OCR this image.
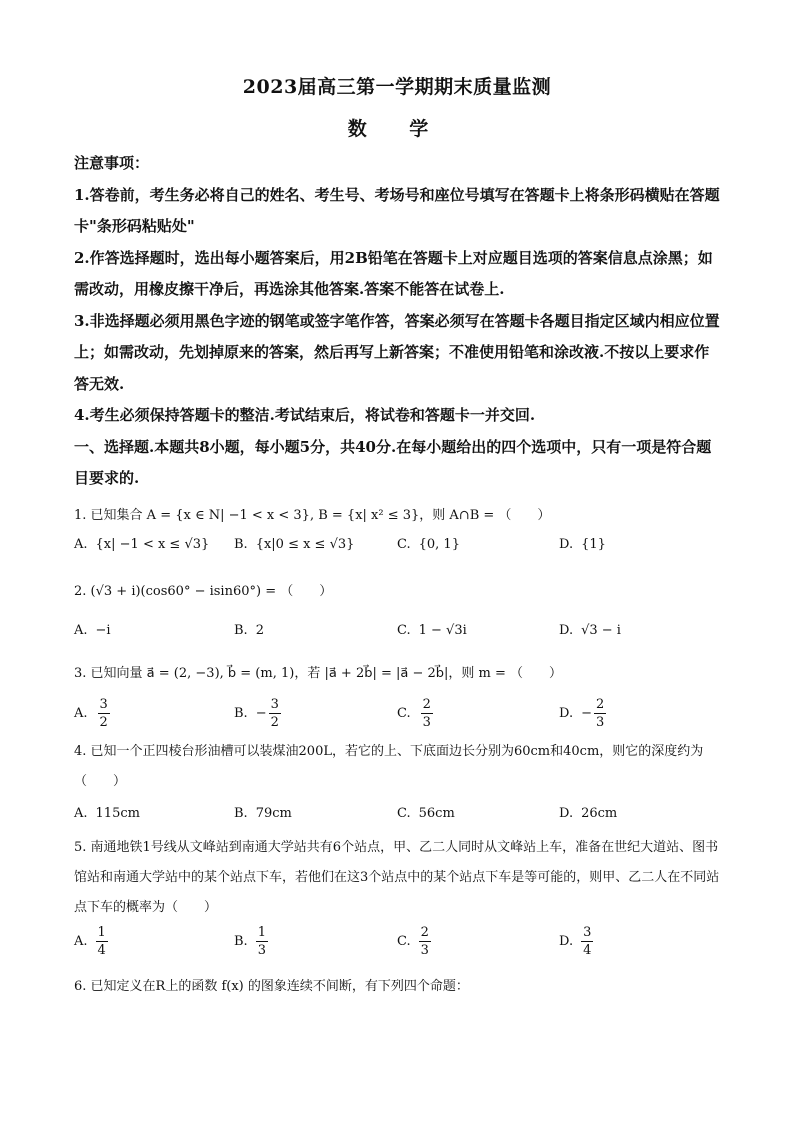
2023届高三第一学期期末质量监测
数 学

注意事项：

1.答卷前，考生务必将自己的姓名、考生号、考场号和座位号填写在答题卡上将条形码横贴在答题卡"条形码粘贴处"

2.作答选择题时，选出每小题答案后，用2B铅笔在答题卡上对应题目选项的答案信息点涂黑；如需改动，用橡皮擦干净后，再选涂其他答案.答案不能答在试卷上.

3.非选择题必须用黑色字迹的钢笔或签字笔作答，答案必须写在答题卡各题目指定区域内相应位置上；如需改动，先划掉原来的答案，然后再写上新答案；不准使用铅笔和涂改液.不按以上要求作答无效.

4.考生必须保持答题卡的整洁.考试结束后，将试卷和答题卡一并交回.

一、选择题.本题共8小题，每小题5分，共40分.在每小题给出的四个选项中，只有一项是符合题目要求的.

1. 已知集合 A = {x ∈ N| −1 < x < 3}, B = {x| x² ≤ 3}，则 A∩B = （　　）

A. {x| −1 < x ≤ √3} B. {x|0 ≤ x ≤ √3}	C. {0, 1}	D. {1}

2. (√3 + i)(cos60° − isin60°) = （　　）

A. −i	B. 2	C. 1 − √3i	D. √3 − i

3. 已知向量 a⃗ = (2, −3), b⃗ = (m, 1)，若 |a⃗ + 2b⃗| = |a⃗ − 2b⃗|，则 m = （　　）

A. $\frac{3}{2}$	B. − $\frac{3}{2}$	C. $\frac{2}{3}$	D. − $\frac{2}{3}$

4. 已知一个正四棱台形油槽可以装煤油200L，若它的上、下底面边长分别为60cm和40cm，则它的深度约为（　　）

A. 115cm	B. 79cm	C. 56cm	D. 26cm

5. 南通地铁1号线从文峰站到南通大学站共有6个站点，甲、乙二人同时从文峰站上车，准备在世纪大道站、图书馆站和南通大学站中的某个站点下车，若他们在这3个站点中的某个站点下车是等可能的，则甲、乙二人在不同站点下车的概率为（　　）

A. $\frac{1}{4}$	B. $\frac{1}{3}$	C. $\frac{2}{3}$	D. $\frac{3}{4}$

6. 已知定义在R上的函数 f(x) 的图象连续不间断，有下列四个命题：
